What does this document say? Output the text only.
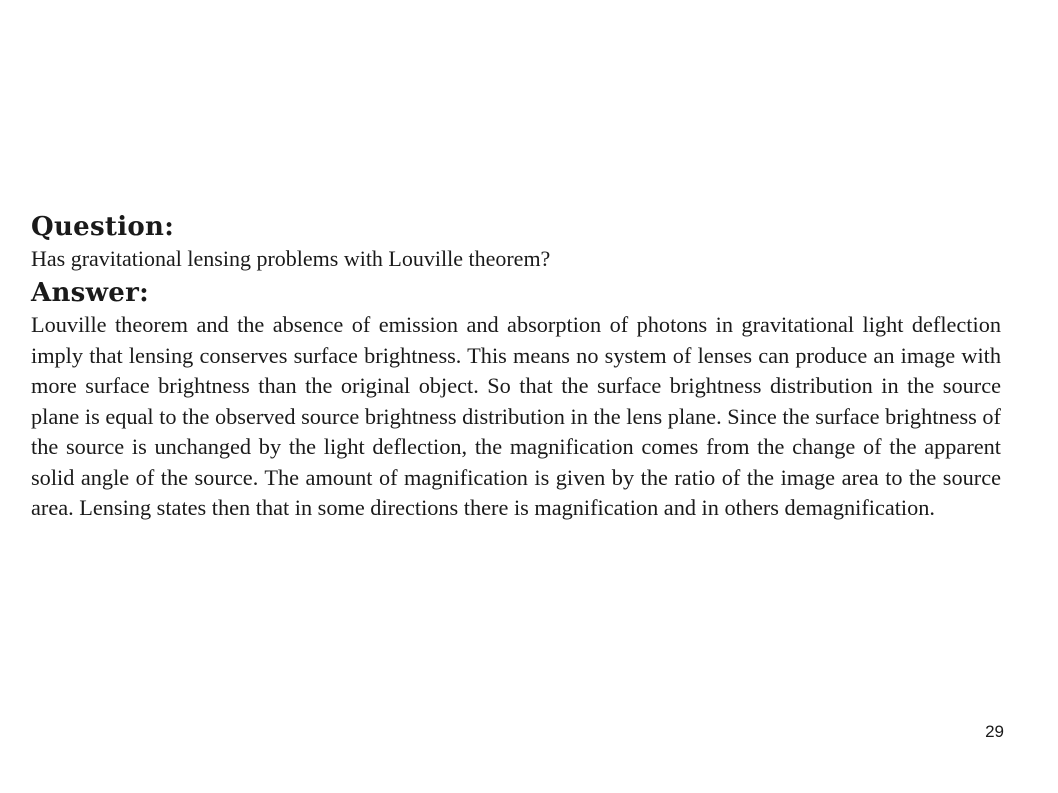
Question:

Has gravitational lensing problems with Louville theorem?

Answer:

Louville theorem and the absence of emission and absorption of photons in gravitational light deflection imply that lensing conserves surface brightness. This means no system of lenses can produce an image with more surface brightness than the original object. So that the surface brightness distribution in the source plane is equal to the observed source brightness distribution in the lens plane. Since the surface brightness of the source is unchanged by the light deflection, the magnification comes from the change of the apparent solid angle of the source. The amount of magnification is given by the ratio of the image area to the source area. Lensing states then that in some directions there is magnification and in others demagnification.

29
